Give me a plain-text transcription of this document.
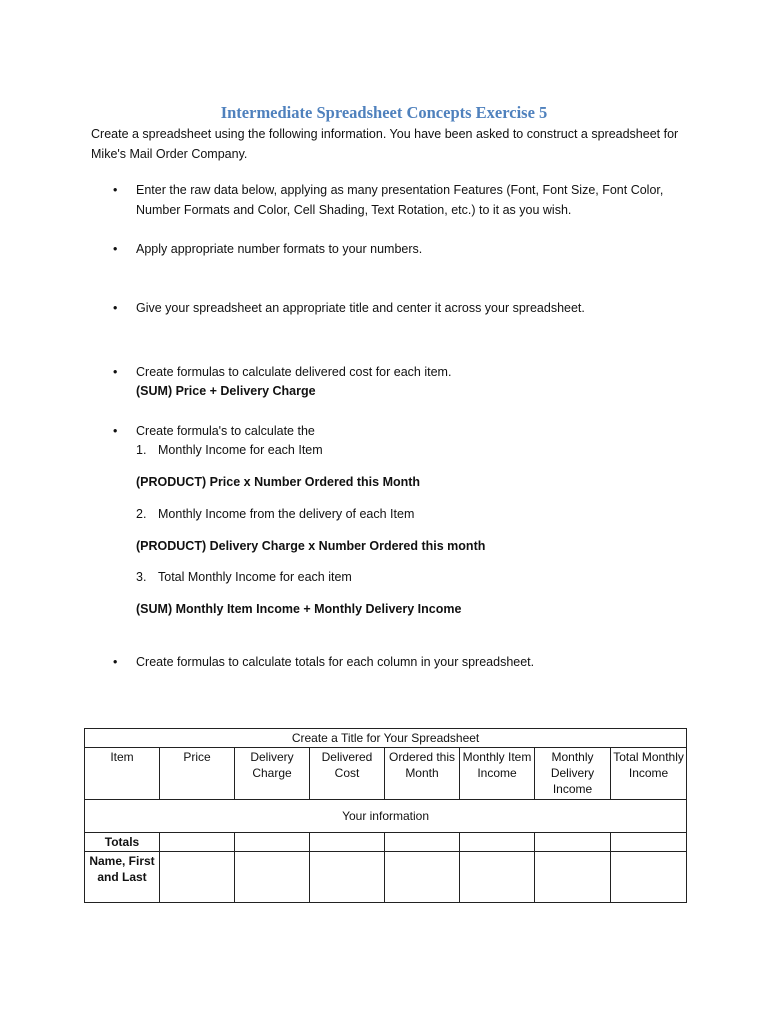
Intermediate Spreadsheet Concepts Exercise 5
Create a spreadsheet using the following information. You have been asked to construct a spreadsheet for Mike's Mail Order Company.
• Enter the raw data below, applying as many presentation Features (Font, Font Size, Font Color, Number Formats and Color, Cell Shading, Text Rotation, etc.) to it as you wish.
• Apply appropriate number formats to your numbers.
• Give your spreadsheet an appropriate title and center it across your spreadsheet.
• Create formulas to calculate delivered cost for each item.
(SUM) Price + Delivery Charge
• Create formula's to calculate the
1. Monthly Income for each Item
(PRODUCT) Price x Number Ordered this Month
2. Monthly Income from the delivery of each Item
(PRODUCT) Delivery Charge x Number Ordered this month
3. Total Monthly Income for each item
(SUM) Monthly Item Income + Monthly Delivery Income
• Create formulas to calculate totals for each column in your spreadsheet.
Create a Title for Your Spreadsheet							
Item	Price	Delivery Charge	Delivered Cost	Ordered this Month	Monthly Item Income	Monthly Delivery Income	Total Monthly Income
Your information							
Totals							
Name, First and Last							
